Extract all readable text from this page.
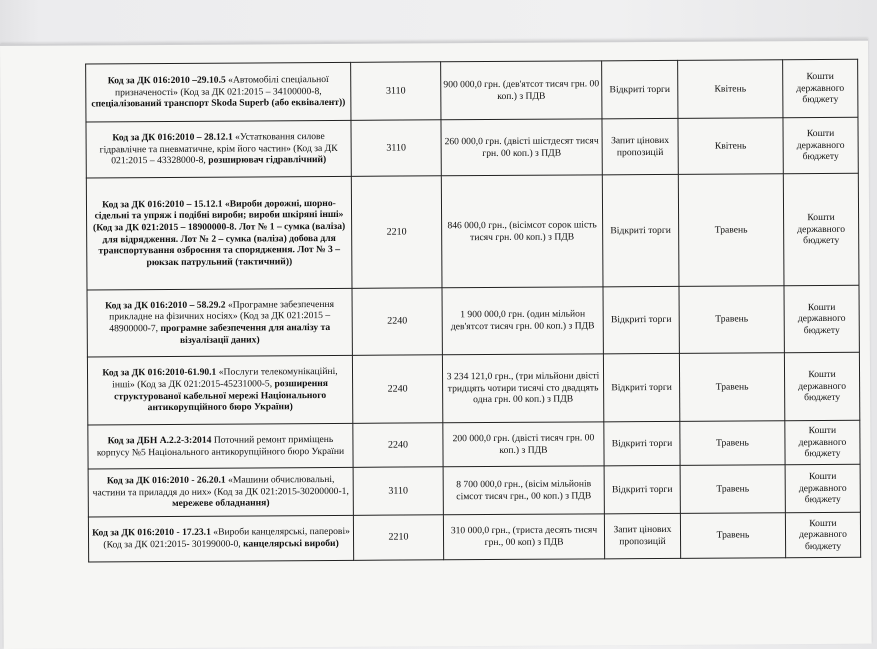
Код за ДК 016:2010 –29.10.5 «Автомобілі спеціальної призначеності» (Код за ДК 021:2015 – 34100000-8, спеціалізований транспорт Skoda Superb (або еквівалент))	3110	900 000,0 грн. (дев'ятсот тисяч грн. 00 коп.) з ПДВ	Відкриті торги	Квітень	Кошти державного бюджету
Код за ДК 016:2010 – 28.12.1 «Устатковання силове гідравлічне та пневматичне, крім його частин» (Код за ДК 021:2015 – 43328000-8, розширювач гідравлічний)	3110	260 000,0 грн. (двісті шістдесят тисяч грн. 00 коп.) з ПДВ	Запит цінових пропозицій	Квітень	Кошти державного бюджету
Код за ДК 016:2010 – 15.12.1 «Вироби дорожні, шорно-сідельні та упряж і подібні вироби; вироби шкіряні інші» (Код за ДК 021:2015 – 18900000-8. Лот № 1 – сумка (валіза) для відрядження. Лот № 2 – сумка (валіза) добова для транспортування озброєння та спорядження. Лот № 3 – рюкзак патрульний (тактичний))	2210	846 000,0 грн., (вісімсот сорок шість тисяч грн. 00 коп.) з ПДВ	Відкриті торги	Травень	Кошти державного бюджету
Код за ДК 016:2010 – 58.29.2 «Програмне забезпечення прикладне на фізичних носіях» (Код за ДК 021:2015 – 48900000-7, програмне забезпечення для аналізу та візуалізації даних)	2240	1 900 000,0 грн. (один мільйон дев'ятсот тисяч грн. 00 коп.) з ПДВ	Відкриті торги	Травень	Кошти державного бюджету
Код за ДК 016:2010-61.90.1 «Послуги телекомунікаційні, інші» (Код за ДК 021:2015-45231000-5, розширення структурованої кабельної мережі Національного антикорупційного бюро України)	2240	3 234 121,0 грн., (три мільйони двісті тридцять чотири тисячі сто двадцять одна грн. 00 коп.) з ПДВ	Відкриті торги	Травень	Кошти державного бюджету
Код за ДБН А.2.2-3:2014 Поточний ремонт приміщень корпусу №5 Національного антикорупційного бюро України	2240	200 000,0 грн. (двісті тисяч грн. 00 коп.) з ПДВ	Відкриті торги	Травень	Кошти державного бюджету
Код за ДК 016:2010 - 26.20.1 «Машини обчислювальні, частини та приладдя до них» (Код за ДК 021:2015-30200000-1, мережеве обладнання)	3110	8 700 000,0 грн., (вісім мільйонів сімсот тисяч грн., 00 коп.) з ПДВ	Відкриті торги	Травень	Кошти державного бюджету
Код за ДК 016:2010 - 17.23.1 «Вироби канцелярські, паперові» (Код за ДК 021:2015- 30199000-0, канцелярські вироби)	2210	310 000,0 грн., (триста десять тисяч грн., 00 коп) з ПДВ	Запит цінових пропозицій	Травень	Кошти державного бюджету
